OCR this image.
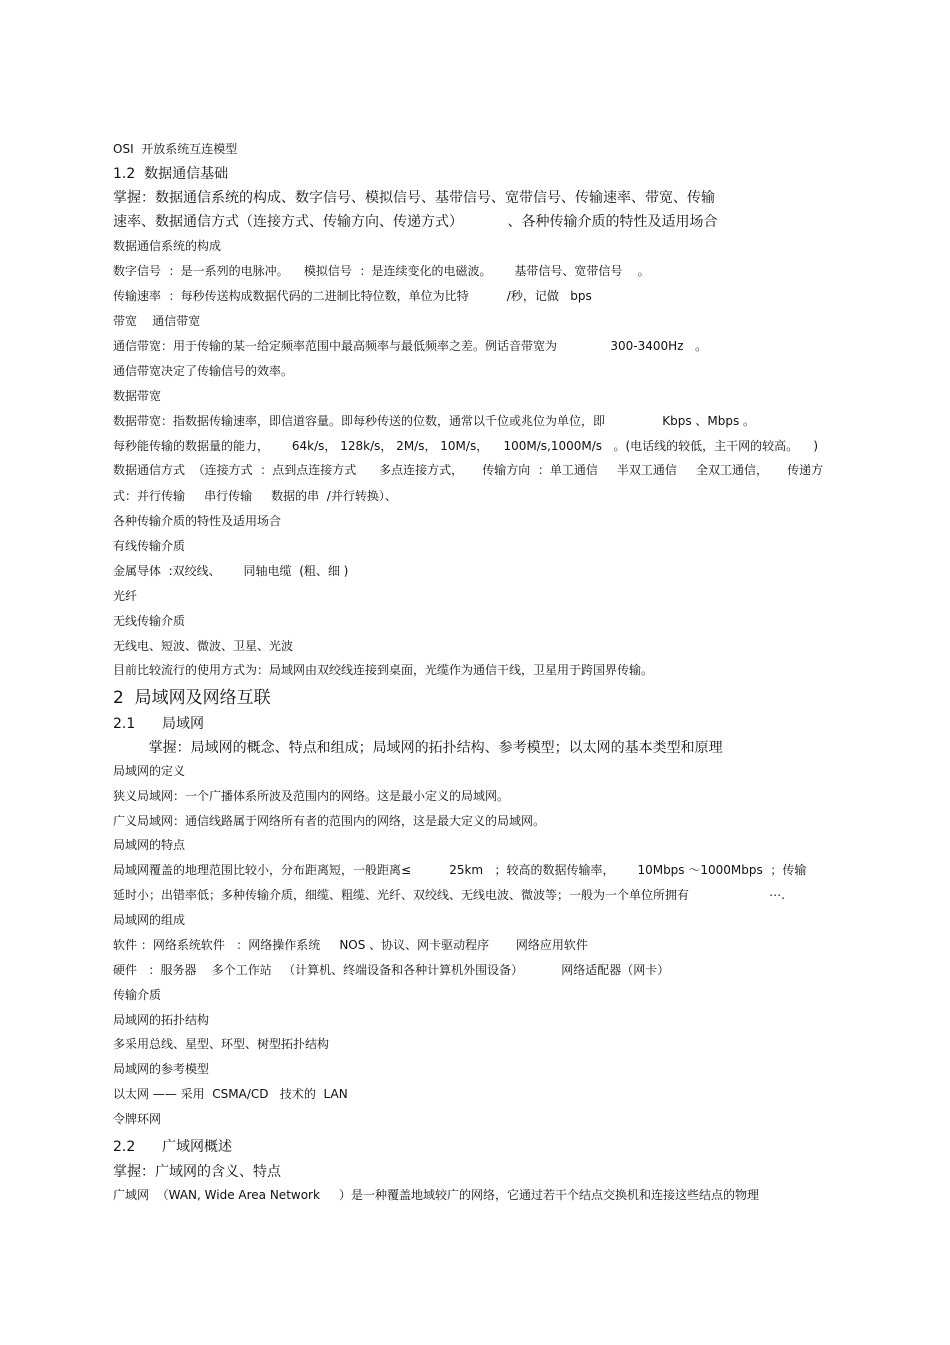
OSI  开放系统互连模型
1.2  数据通信基础
掌握：数据通信系统的构成、数字信号、模拟信号、基带信号、宽带信号、传输速率、带宽、传输
速率、数据通信方式（连接方式、传输方向、传递方式）          、各种传输介质的特性及适用场合
数据通信系统的构成
数字信号  ：是一系列的电脉冲。    模拟信号  ：是连续变化的电磁波。      基带信号、宽带信号    。
传输速率  ：每秒传送构成数据代码的二进制比特位数，单位为比特          /秒，记做   bps
带宽    通信带宽
通信带宽：用于传输的某一给定频率范围中最高频率与最低频率之差。例话音带宽为              300-3400Hz   。
通信带宽决定了传输信号的效率。
数据带宽
数据带宽：指数据传输速率，即信道容量。即每秒传送的位数，通常以千位或兆位为单位，即               Kbps 、Mbps 。
每秒能传输的数据量的能力，      64k/s， 128k/s， 2M/s， 10M/s，    100M/s,1000M/s   。(电话线的较低，主干网的较高。    )
数据通信方式  （连接方式  ：点到点连接方式      多点连接方式，     传输方向  ：单工通信     半双工通信     全双工通信，     传递方
式：并行传输     串行传输     数据的串  /并行转换）、
各种传输介质的特性及适用场合
有线传输介质
金属导体  :双绞线、      同轴电缆  (粗、细 )
光纤
无线传输介质
无线电、短波、微波、卫星、光波
目前比较流行的使用方式为：局域网由双绞线连接到桌面，光缆作为通信干线，卫星用于跨国界传输。
2  局域网及网络互联
2.1      局域网
掌握：局域网的概念、特点和组成；局域网的拓扑结构、参考模型；以太网的基本类型和原理
局域网的定义
狭义局域网：一个广播体系所波及范围内的网络。这是最小定义的局域网。
广义局域网：通信线路属于网络所有者的范围内的网络，这是最大定义的局域网。
局域网的特点
局域网覆盖的地理范围比较小，分布距离短，一般距离≤          25km   ；较高的数据传输率，      10Mbps ～1000Mbps  ；传输
延时小；出错率低；多种传输介质，细缆、粗缆、光纤、双绞线、无线电波、微波等；一般为一个单位所拥有                     ⋯.
局域网的组成
软件 ：网络系统软件   ：网络操作系统     NOS 、协议、网卡驱动程序       网络应用软件
硬件   ：服务器    多个工作站   （计算机、终端设备和各种计算机外围设备）          网络适配器（网卡）
传输介质
局域网的拓扑结构
多采用总线、星型、环型、树型拓扑结构
局域网的参考模型
以太网 —— 采用  CSMA/CD   技术的  LAN
令牌环网
2.2      广域网概述
掌握：广域网的含义、特点
广域网  （WAN, Wide Area Network     ）是一种覆盖地域较广的网络，它通过若干个结点交换机和连接这些结点的物理
